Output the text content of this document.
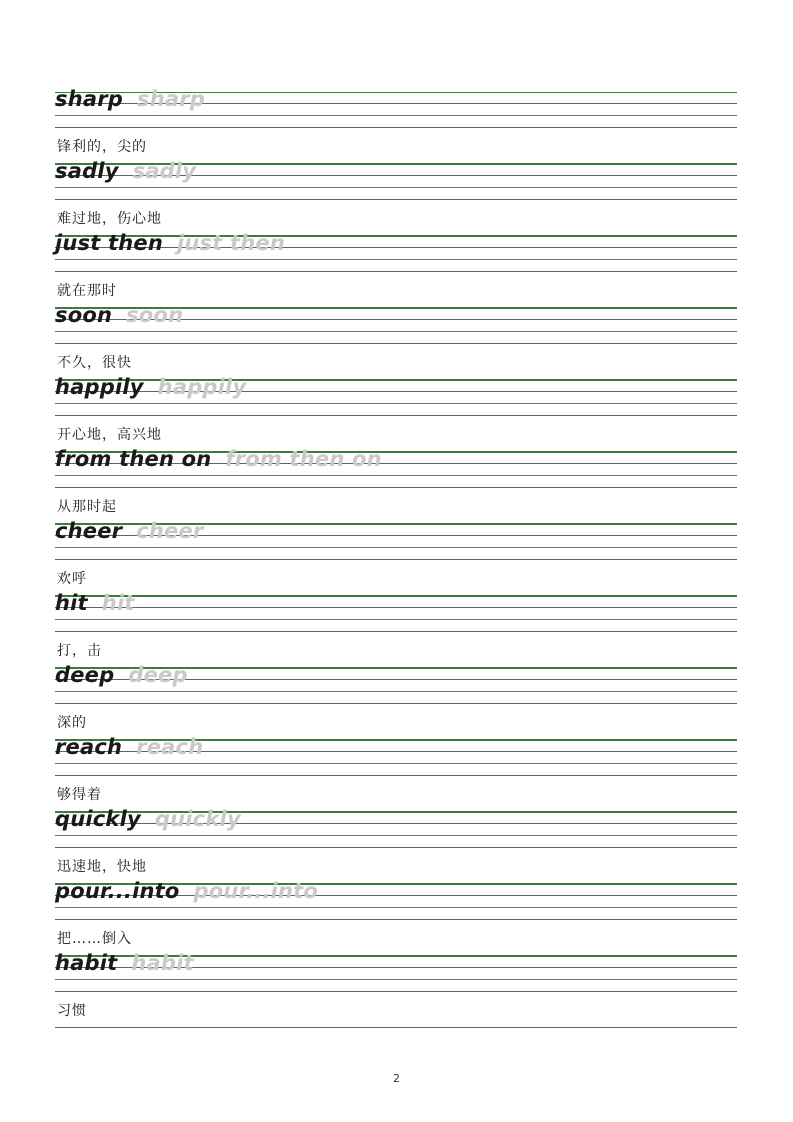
sharp sharp
锋利的，尖的
sadly sadly
难过地，伤心地
just then just then
就在那时
soon soon
不久，很快
happily happily
开心地，高兴地
from then on from then on
从那时起
cheer cheer
欢呼
hit hit
打，击
deep deep
深的
reach reach
够得着
quickly quickly
迅速地，快地
pour...into pour...into
把……倒入
habit habit
习惯
2
